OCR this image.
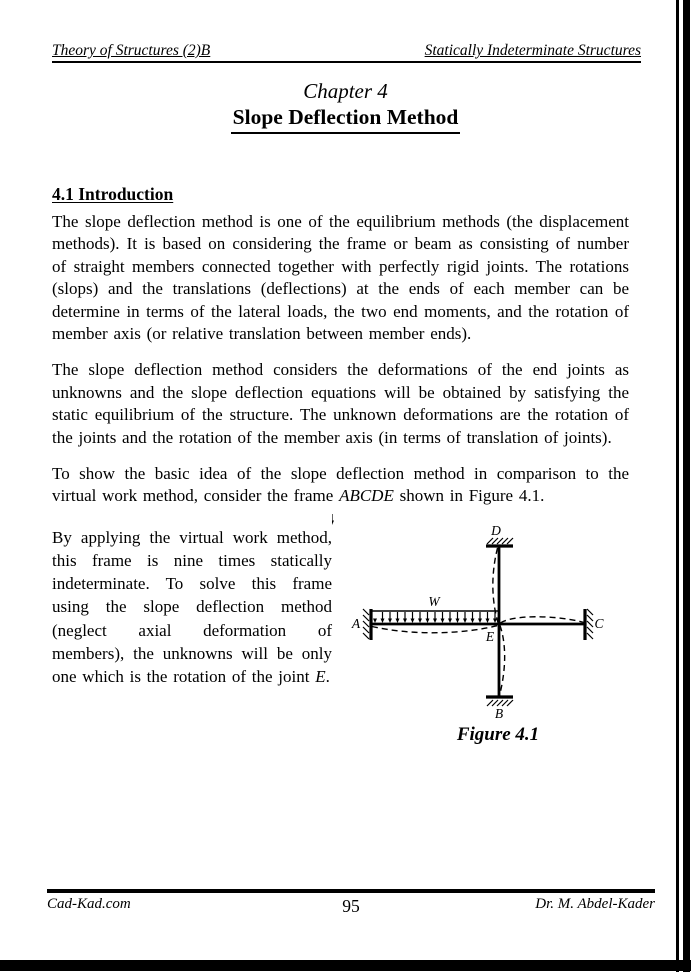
Theory of Structures (2)B	Statically Indeterminate Structures
Chapter 4
Slope Deflection Method
4.1 Introduction

The slope deflection method is one of the equilibrium methods (the displacement methods). It is based on considering the frame or beam as consisting of number of straight members connected together with perfectly rigid joints. The rotations (slops) and the translations (deflections) at the ends of each member can be determine in terms of the lateral loads, the two end moments, and the rotation of member axis (or relative translation between member ends).

The slope deflection method considers the deformations of the end joints as unknowns and the slope deflection equations will be obtained by satisfying the static equilibrium of the structure. The unknown deformations are the rotation of the joints and the rotation of the member axis (in terms of translation of joints).

To show the basic idea of the slope deflection method in comparison to the virtual work method, consider the frame ABCDE shown in Figure 4.1.

By applying the virtual work method, this frame is nine times statically indeterminate. To solve this frame using the slope deflection method (neglect axial deformation of members), the unknowns will be only one which is the rotation of the joint E.

D
B
A	C
E
W
Figure 4.1
Cad-Kad.com	95	Dr. M. Abdel-Kader
